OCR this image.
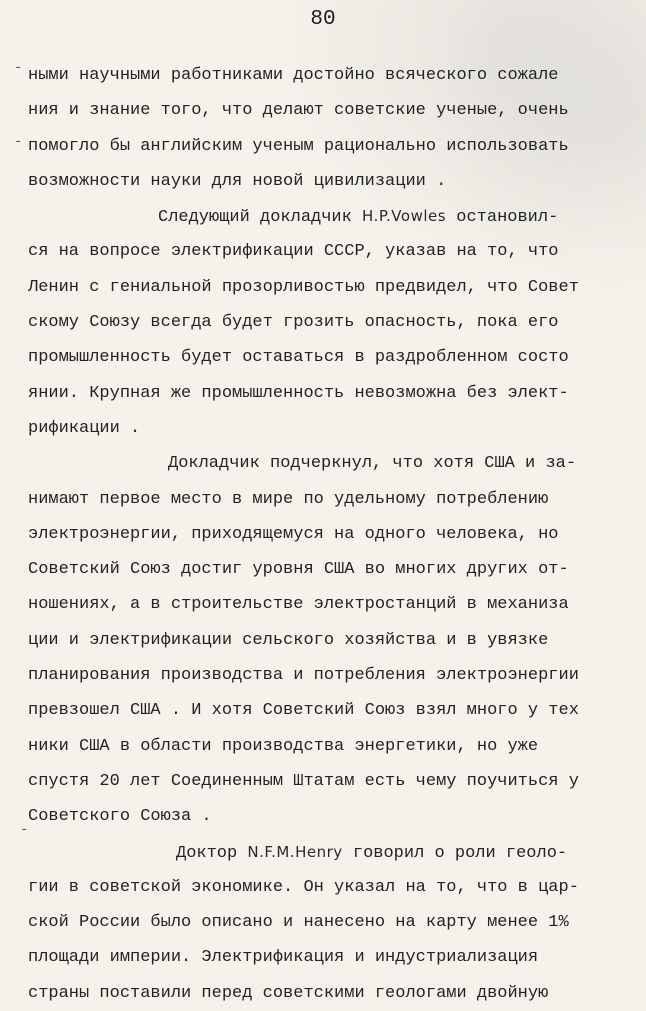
80
ными научными работниками достойно всяческого сожале
ния и знание того, что делают советские ученые, очень
помогло бы английским ученым рационально использовать
возможности науки для новой цивилизации .
Следующий докладчик H.P.Vowles остановил-
ся на вопросе электрификации СССР, указав на то, что
Ленин с гениальной прозорливостью предвидел, что Совет
скому Союзу всегда будет грозить опасность, пока его
промышленность будет оставаться в раздробленном состо
янии. Крупная же промышленность невозможна без элект-
рификации .
Докладчик подчеркнул, что хотя США и за-
нимают первое место в мире по удельному потреблению
электроэнергии, приходящемуся на одного человека, но
Советский Союз достиг уровня США во многих других от-
ношениях, а в строительстве электростанций в механиза
ции и электрификации сельского хозяйства и в увязке
планирования производства и потребления электроэнергии
превзошел США . И хотя Советский Союз взял много у тех
ники США в области производства энергетики, но уже
спустя 20 лет Соединенным Штатам есть чему поучиться у
Советского Союза .
Доктор N.F.M.Henry говорил о роли геоло-
гии в советской экономике. Он указал на то, что в цар-
ской России было описано и нанесено на карту менее 1%
площади империи. Электрификация и индустриализация
страны поставили перед советскими геологами двойную
-
-
-
